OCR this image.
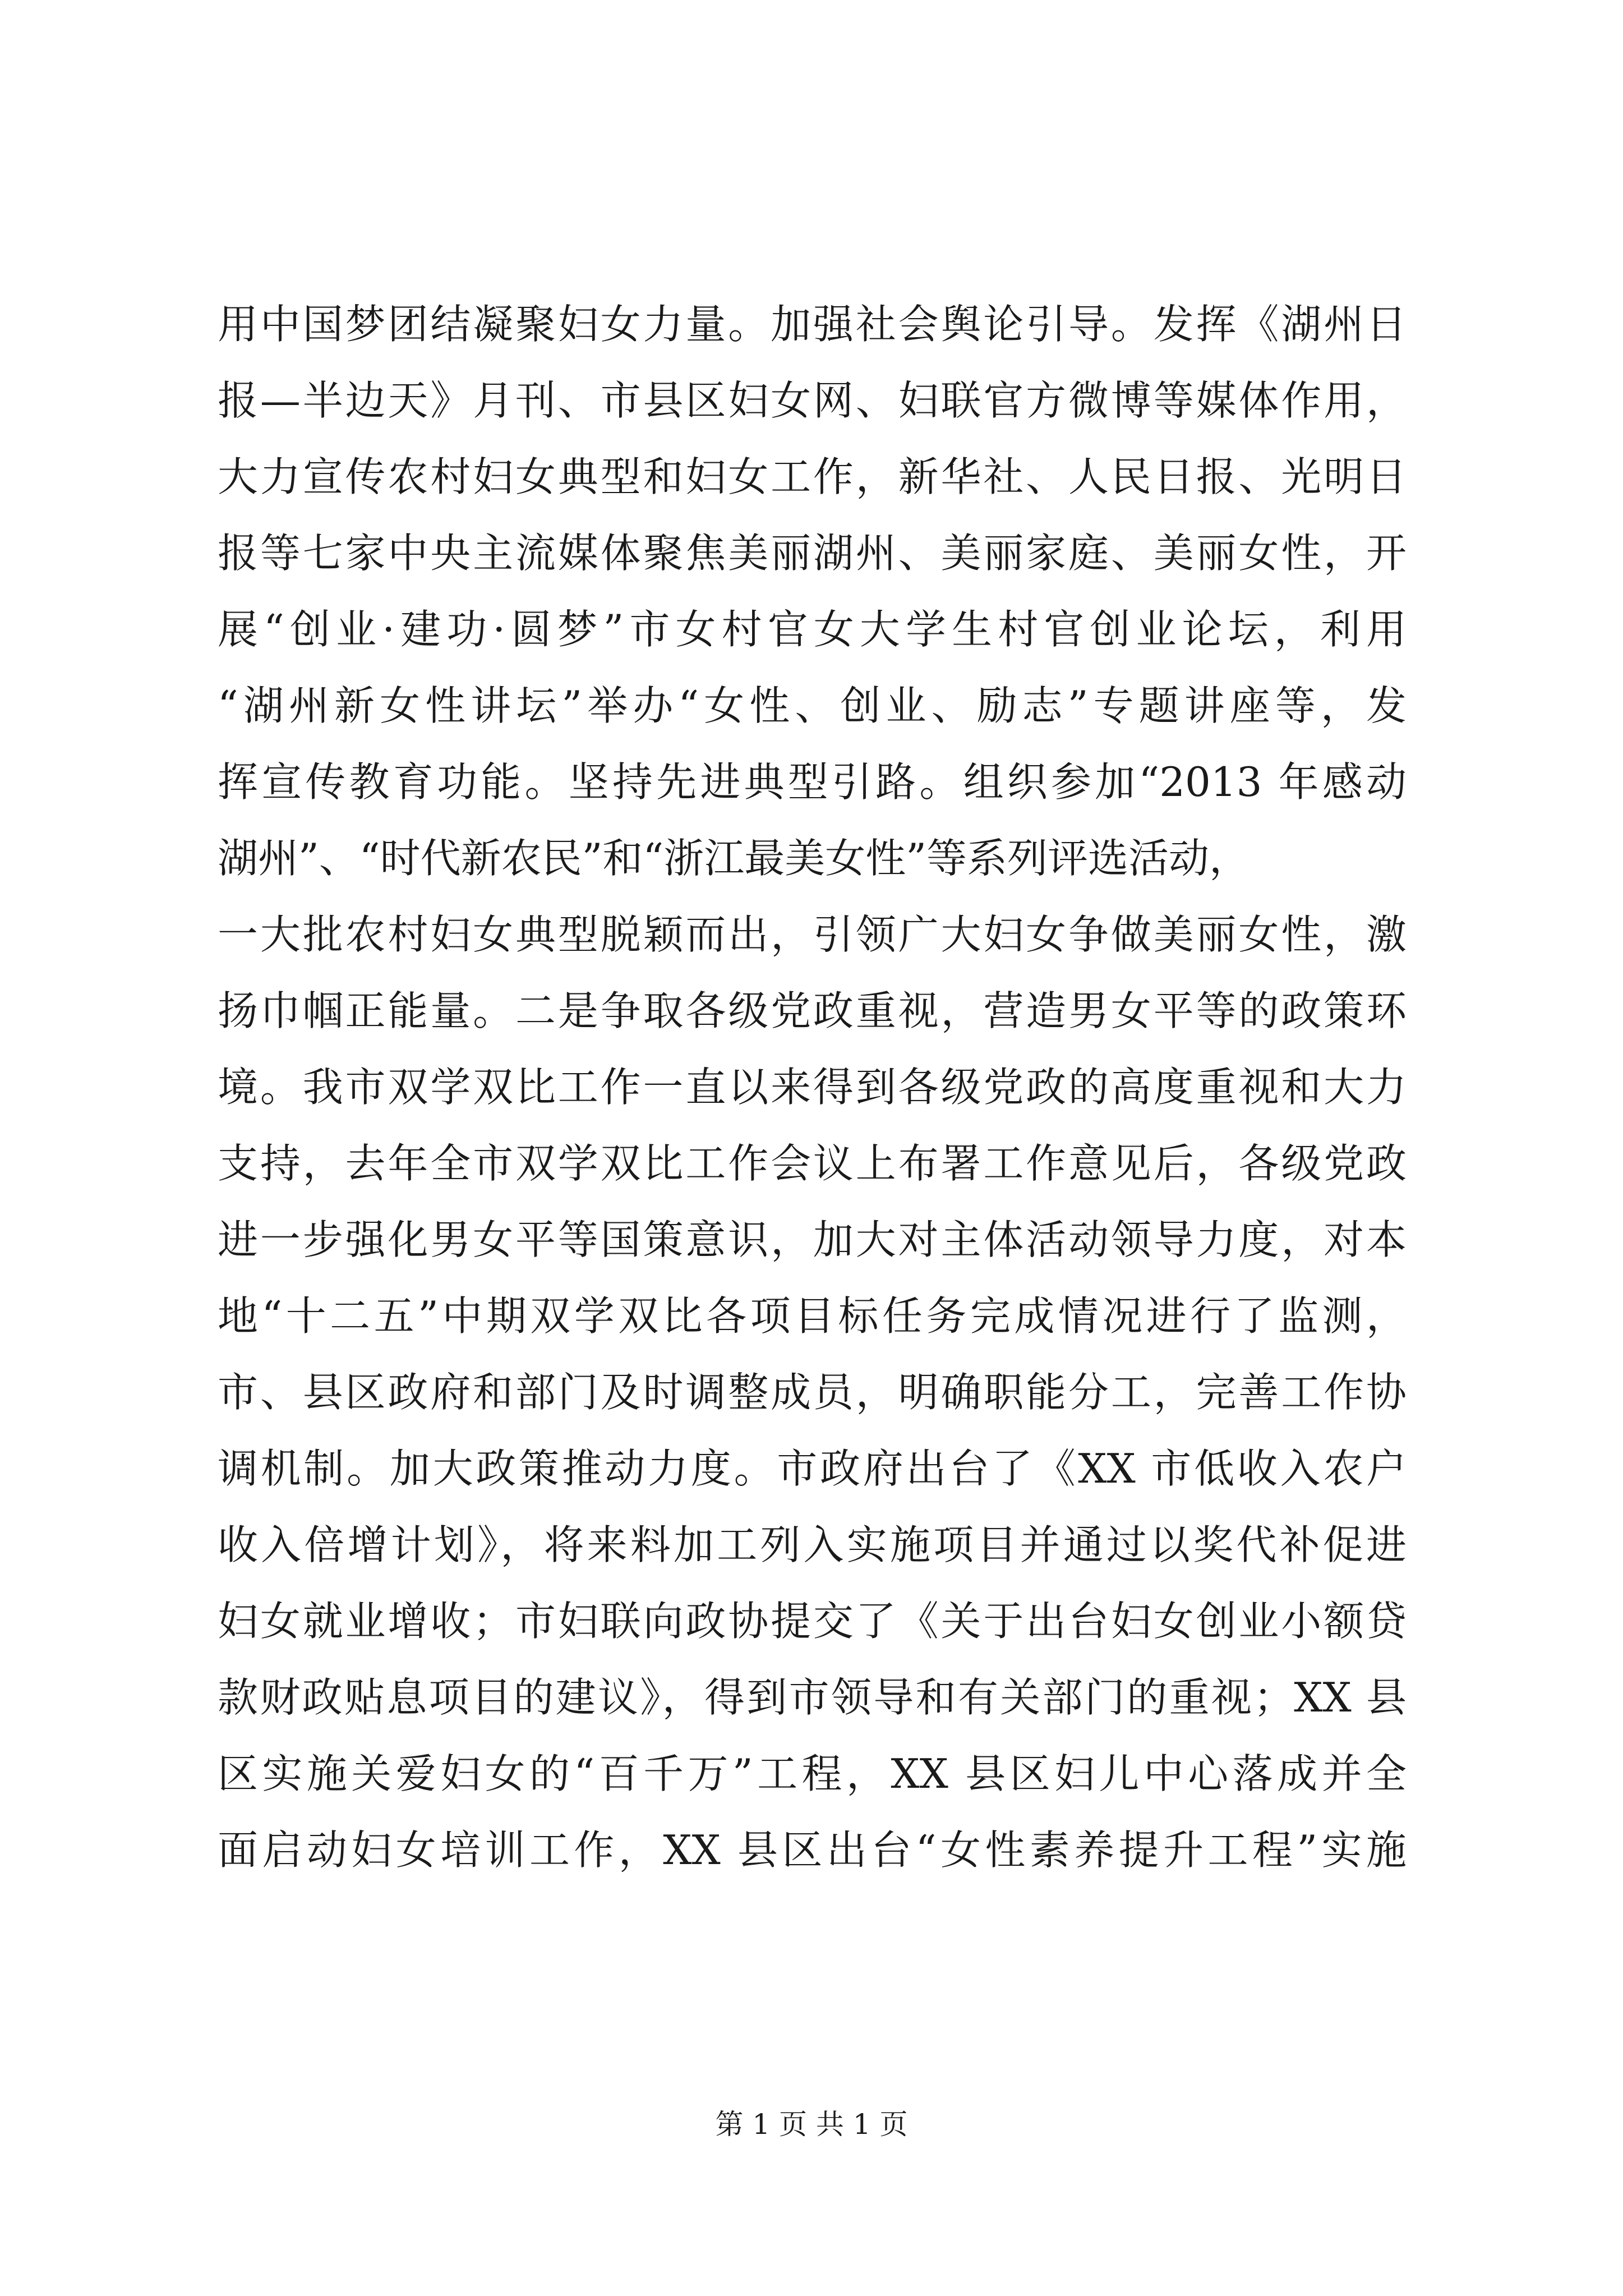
用中国梦团结凝聚妇女力量。加强社会舆论引导。发挥《湖州日
报—半边天》月刊、市县区妇女网、妇联官方微博等媒体作用，
大力宣传农村妇女典型和妇女工作，新华社、人民日报、光明日
报等七家中央主流媒体聚焦美丽湖州、美丽家庭、美丽女性，开
展“创业·建功·圆梦”市女村官女大学生村官创业论坛，利用
“湖州新女性讲坛”举办“女性、创业、励志”专题讲座等，发
挥宣传教育功能。坚持先进典型引路。组织参加“2013 年感动
湖州”、“时代新农民”和“浙江最美女性”等系列评选活动，
一大批农村妇女典型脱颖而出，引领广大妇女争做美丽女性，激
扬巾帼正能量。二是争取各级党政重视，营造男女平等的政策环
境。我市双学双比工作一直以来得到各级党政的高度重视和大力
支持，去年全市双学双比工作会议上布署工作意见后，各级党政
进一步强化男女平等国策意识，加大对主体活动领导力度，对本
地“十二五”中期双学双比各项目标任务完成情况进行了监测，
市、县区政府和部门及时调整成员，明确职能分工，完善工作协
调机制。加大政策推动力度。市政府出台了《XX 市低收入农户
收入倍增计划》，将来料加工列入实施项目并通过以奖代补促进
妇女就业增收；市妇联向政协提交了《关于出台妇女创业小额贷
款财政贴息项目的建议》，得到市领导和有关部门的重视；XX 县
区实施关爱妇女的“百千万”工程，XX 县区妇儿中心落成并全
面启动妇女培训工作，XX 县区出台“女性素养提升工程”实施
第 1 页 共 1 页
